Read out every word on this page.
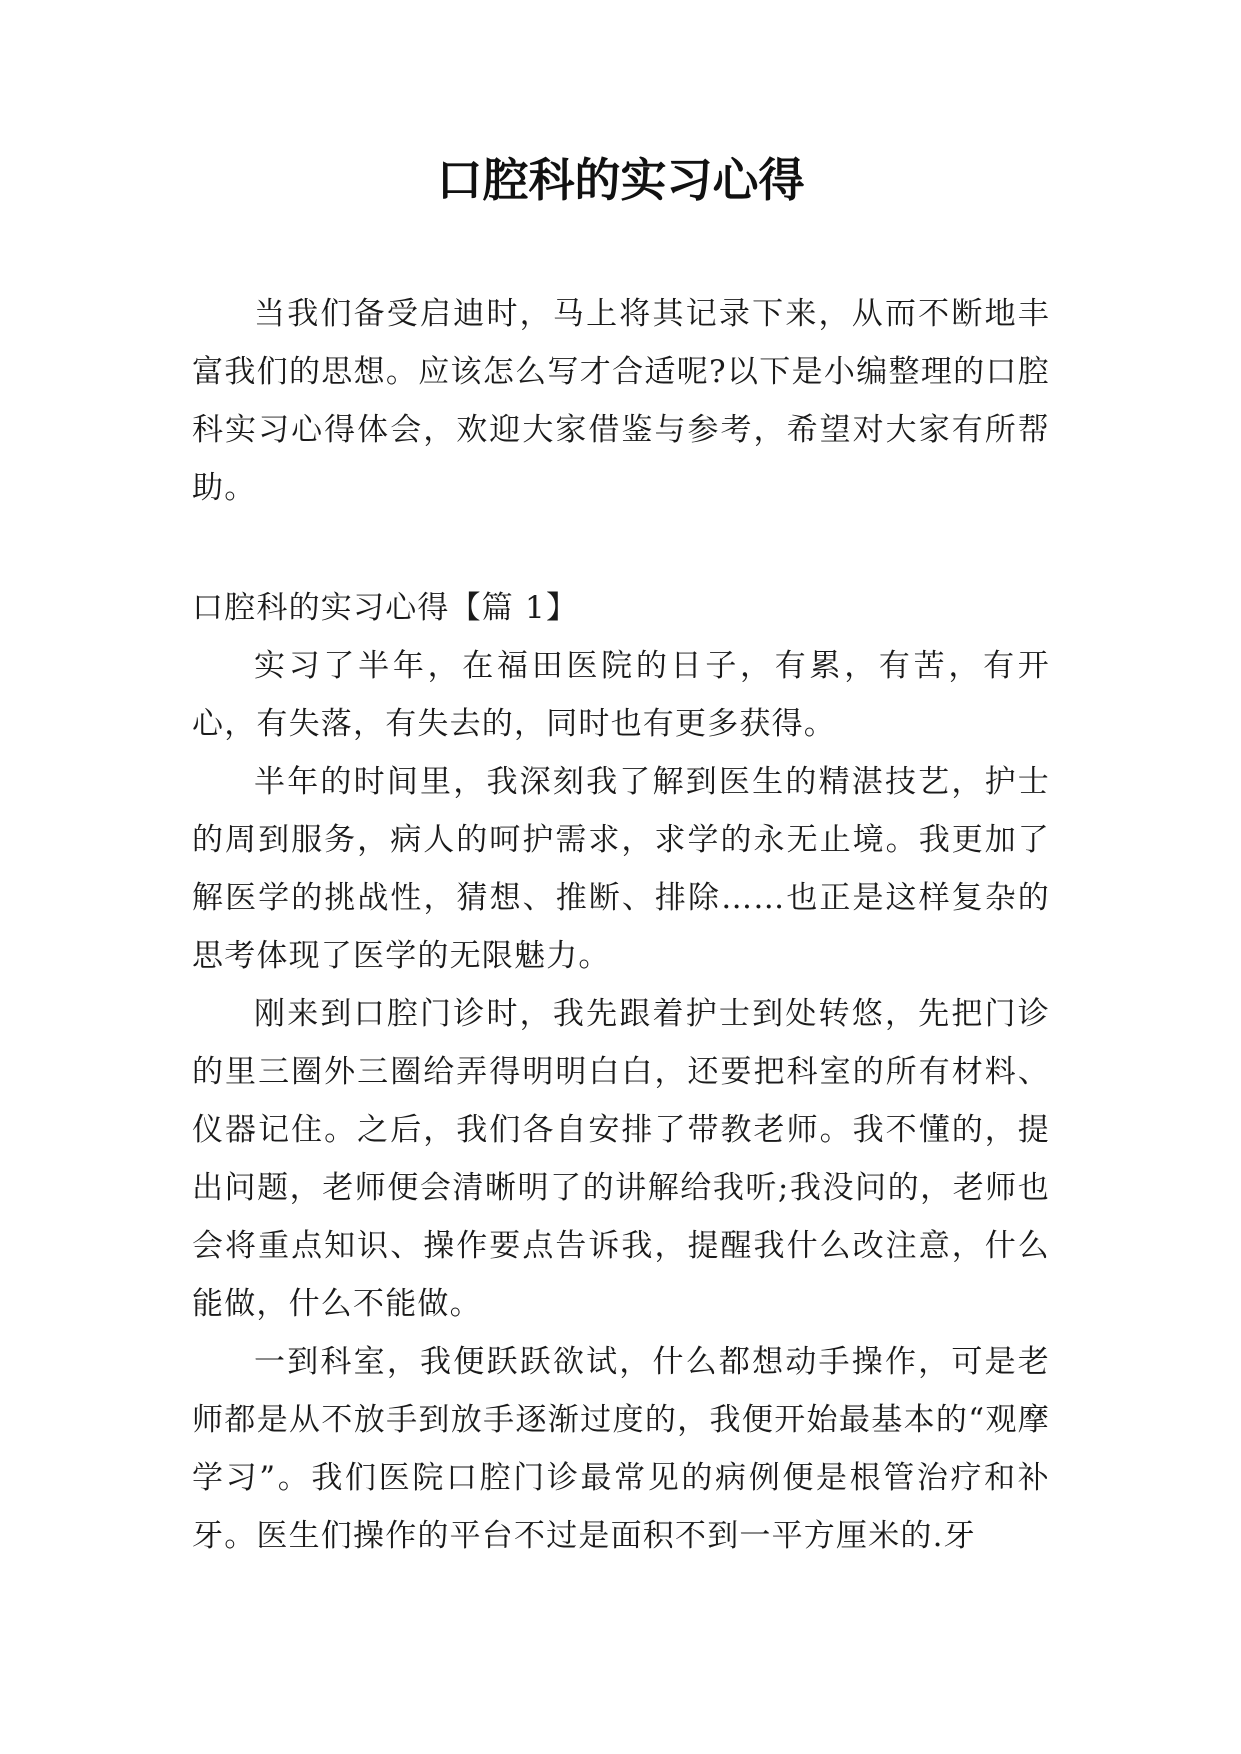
口腔科的实习心得

当我们备受启迪时，马上将其记录下来，从而不断地丰富我们的思想。应该怎么写才合适呢?以下是小编整理的口腔科实习心得体会，欢迎大家借鉴与参考，希望对大家有所帮助。

口腔科的实习心得【篇 1】

实习了半年，在福田医院的日子，有累，有苦，有开心，有失落，有失去的，同时也有更多获得。

半年的时间里，我深刻我了解到医生的精湛技艺，护士的周到服务，病人的呵护需求，求学的永无止境。我更加了解医学的挑战性，猜想、推断、排除……也正是这样复杂的思考体现了医学的无限魅力。

刚来到口腔门诊时，我先跟着护士到处转悠，先把门诊的里三圈外三圈给弄得明明白白，还要把科室的所有材料、仪器记住。之后，我们各自安排了带教老师。我不懂的，提出问题，老师便会清晰明了的讲解给我听;我没问的，老师也会将重点知识、操作要点告诉我，提醒我什么改注意，什么能做，什么不能做。

一到科室，我便跃跃欲试，什么都想动手操作，可是老师都是从不放手到放手逐渐过度的，我便开始最基本的“观摩学习”。我们医院口腔门诊最常见的病例便是根管治疗和补牙。医生们操作的平台不过是面积不到一平方厘米的.牙
